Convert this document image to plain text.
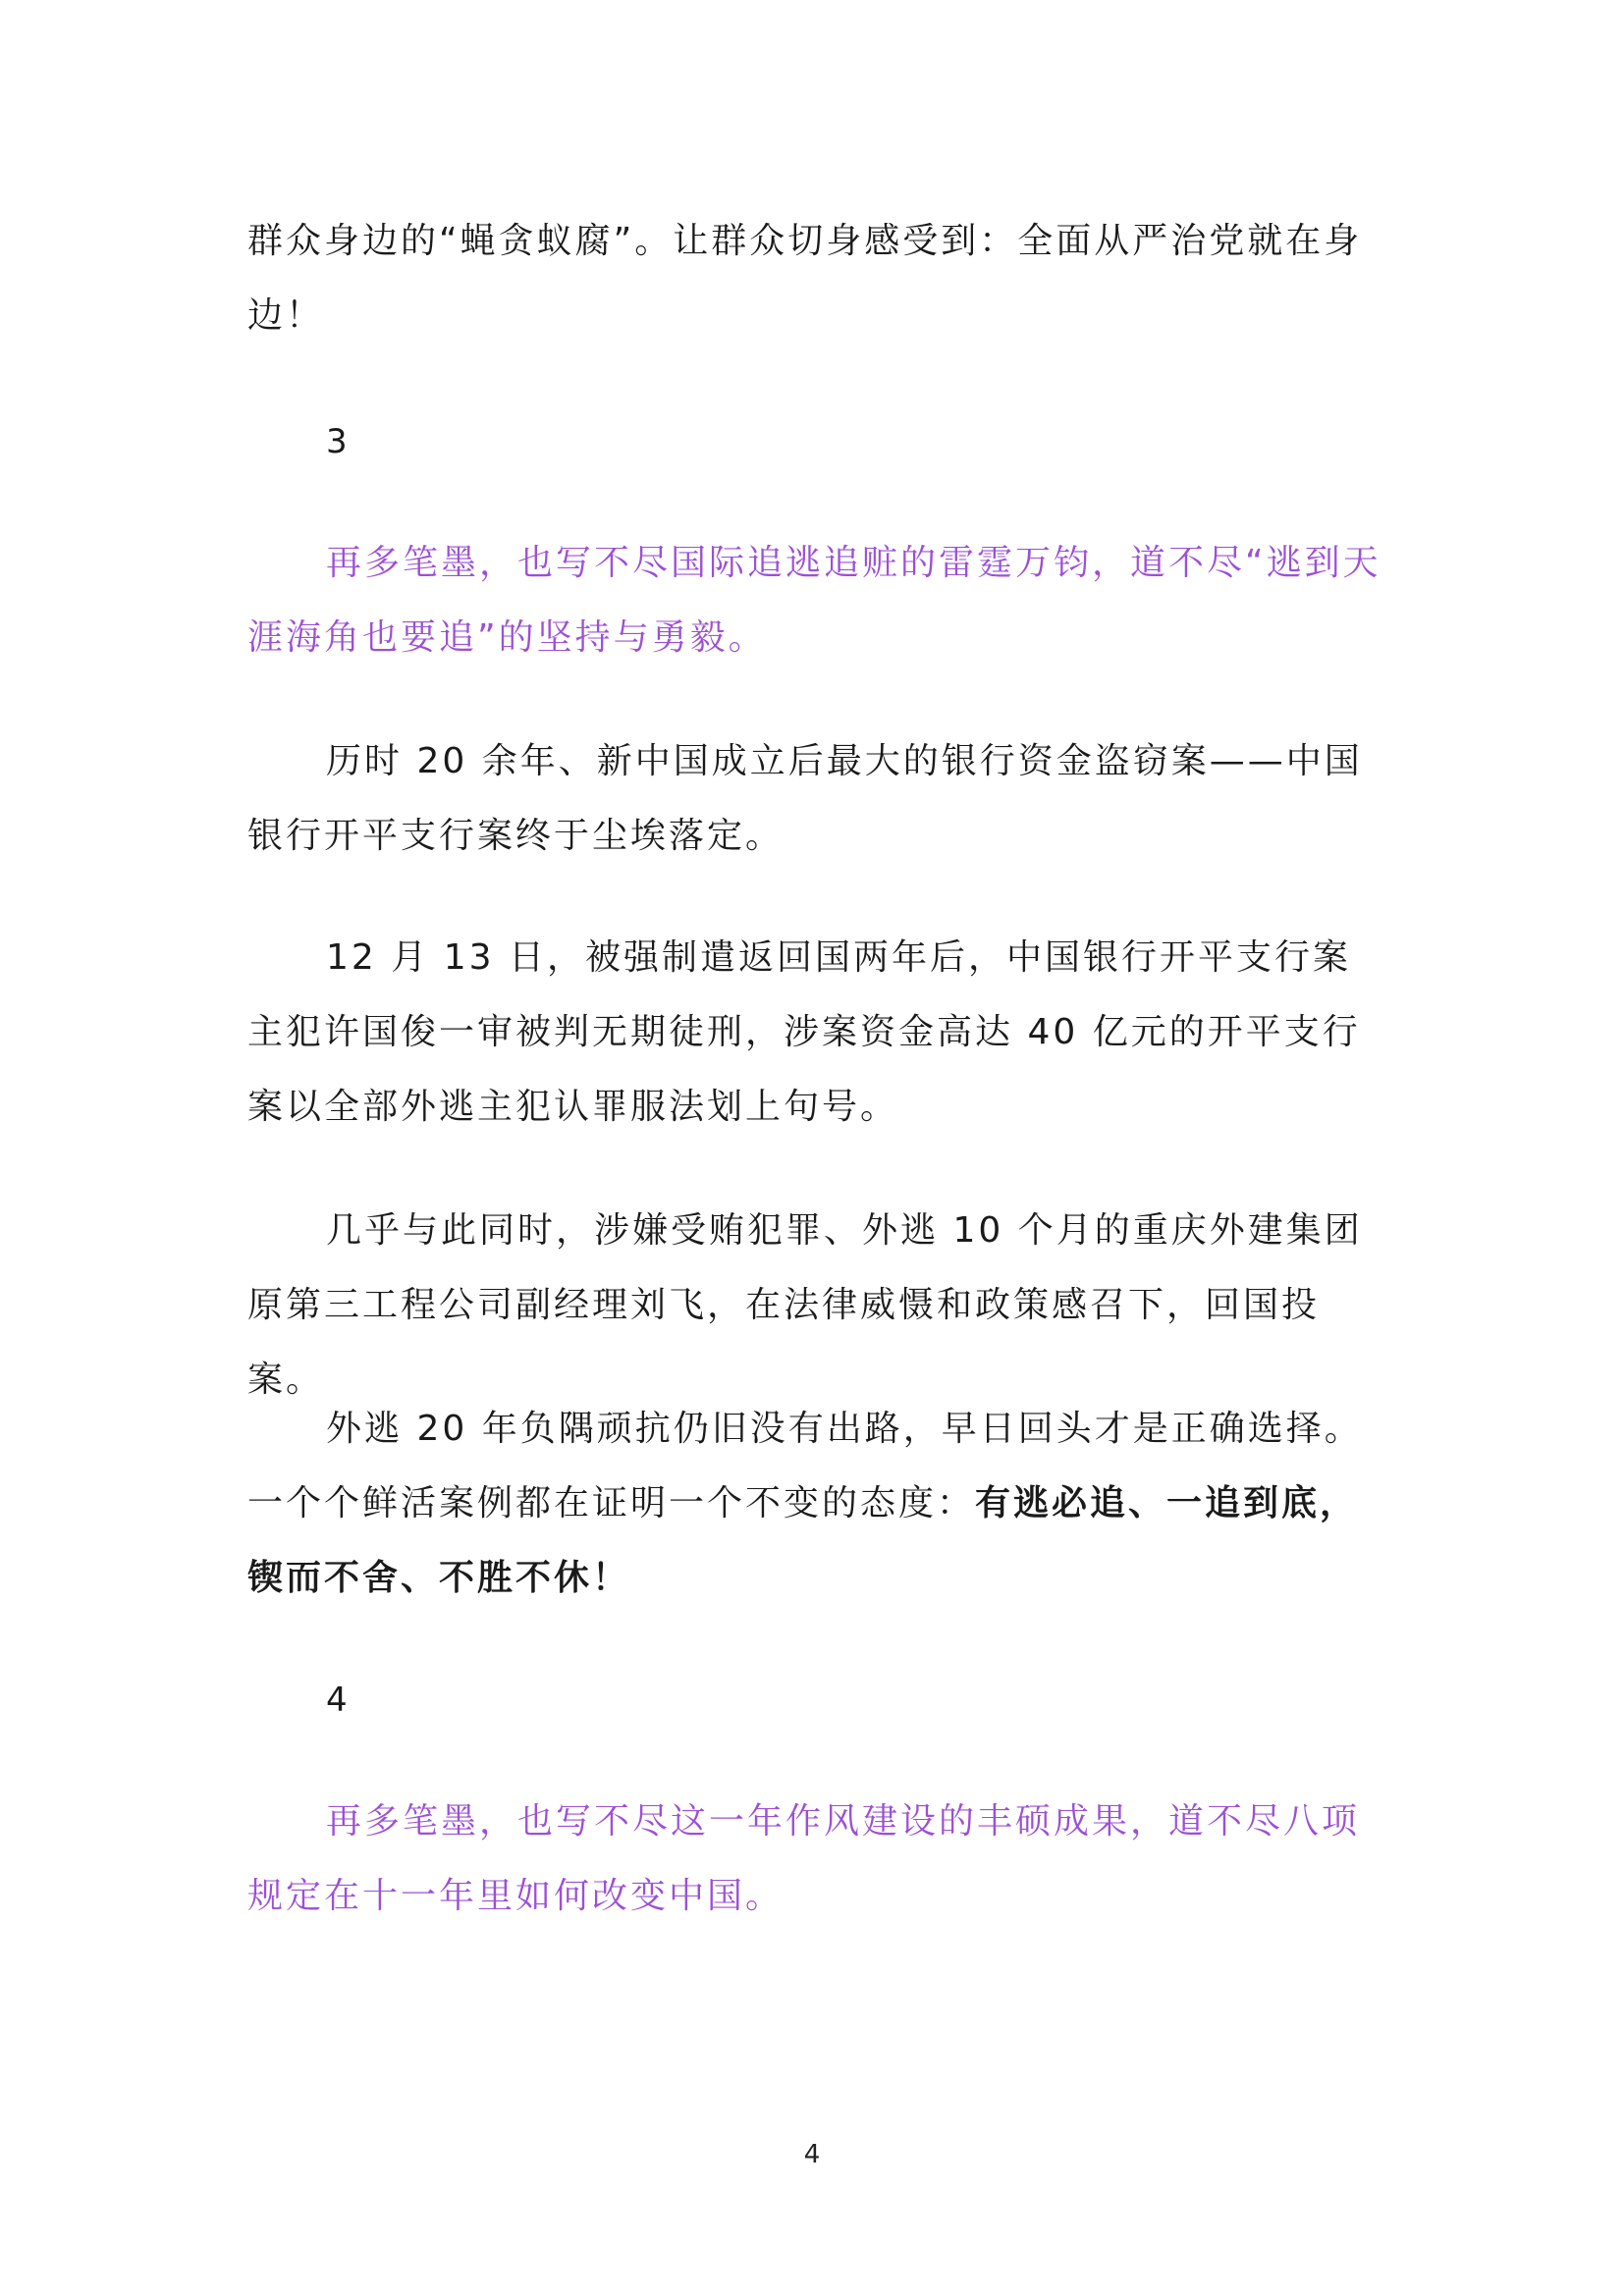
群众身边的“蝇贪蚁腐”。让群众切身感受到：全面从严治党就在身边！

3

再多笔墨，也写不尽国际追逃追赃的雷霆万钧，道不尽“逃到天涯海角也要追”的坚持与勇毅。

历时 20 余年、新中国成立后最大的银行资金盗窃案——中国银行开平支行案终于尘埃落定。

12 月 13 日，被强制遣返回国两年后，中国银行开平支行案主犯许国俊一审被判无期徒刑，涉案资金高达 40 亿元的开平支行案以全部外逃主犯认罪服法划上句号。

几乎与此同时，涉嫌受贿犯罪、外逃 10 个月的重庆外建集团原第三工程公司副经理刘飞，在法律威慑和政策感召下，回国投案。

外逃 20 年负隅顽抗仍旧没有出路，早日回头才是正确选择。一个个鲜活案例都在证明一个不变的态度：有逃必追、一追到底，锲而不舍、不胜不休！

4

再多笔墨，也写不尽这一年作风建设的丰硕成果，道不尽八项规定在十一年里如何改变中国。

4
